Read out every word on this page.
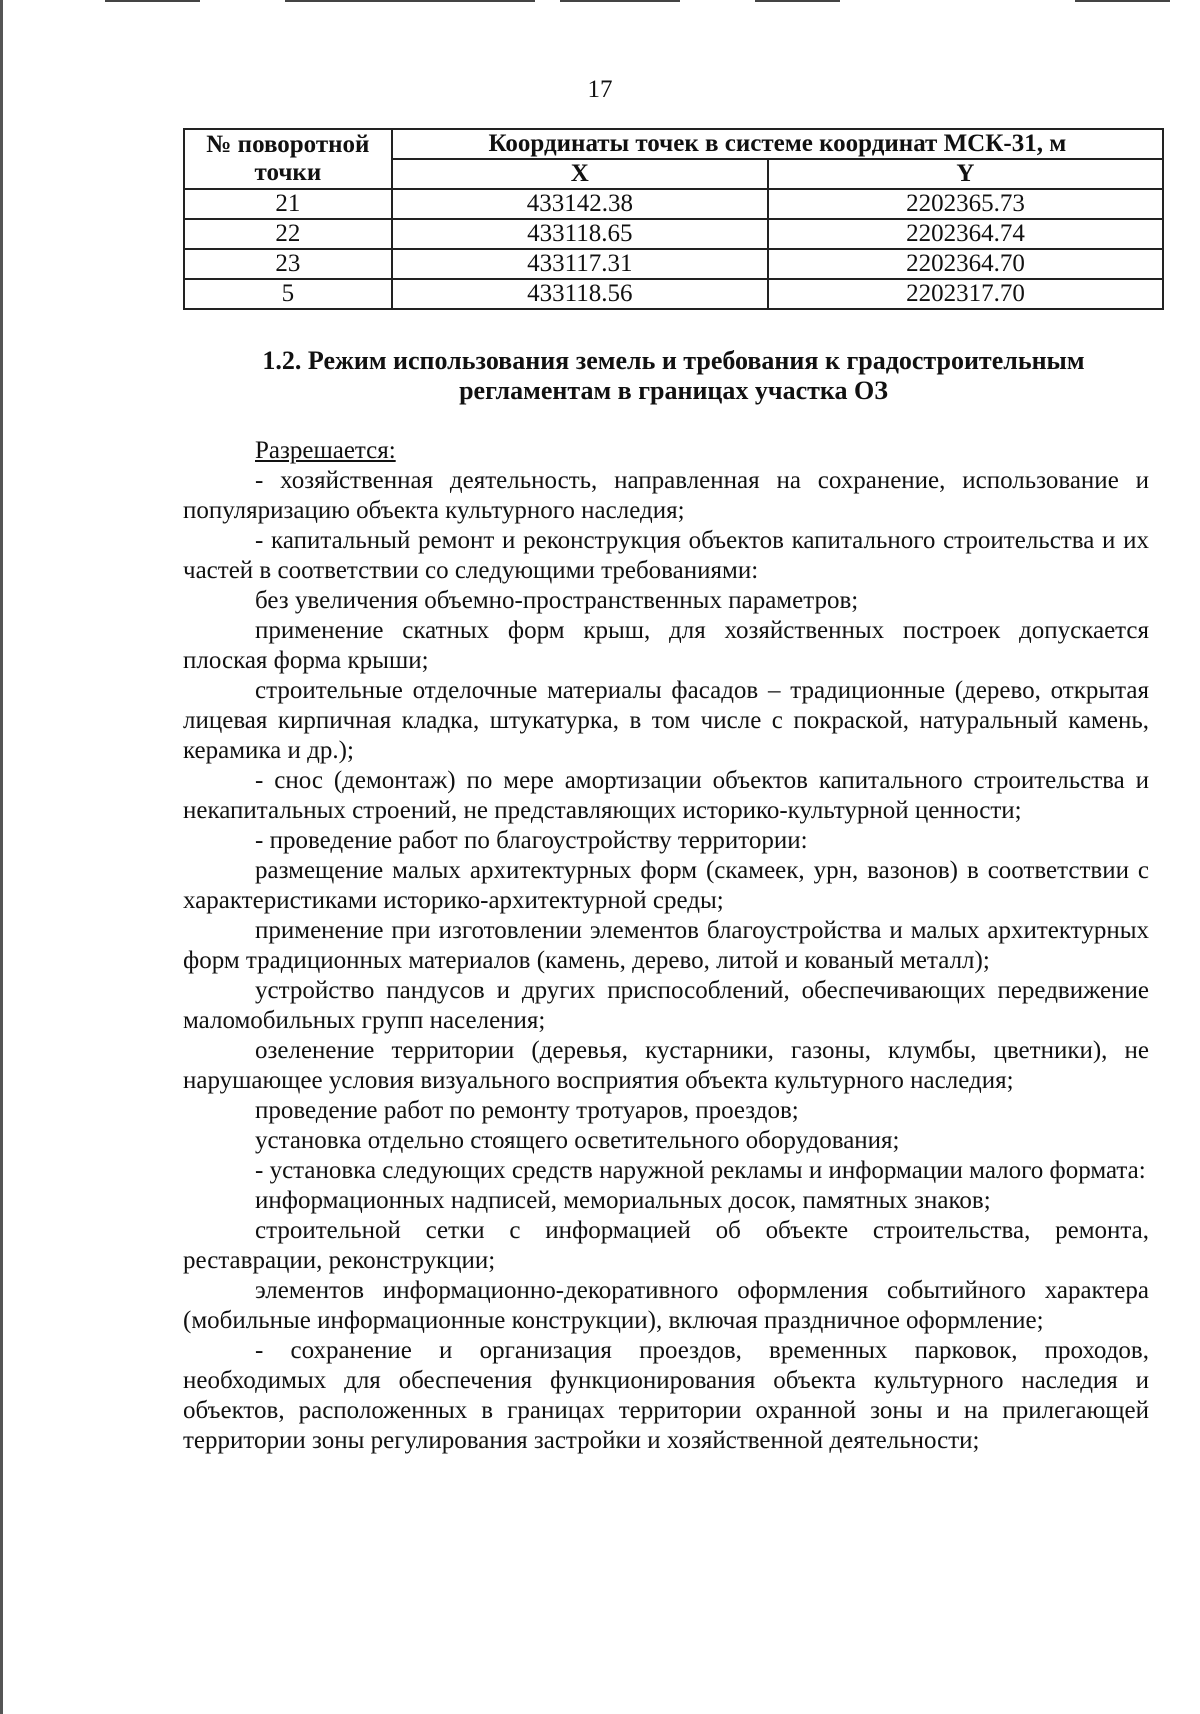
17
№ поворотной точки	Координаты точек в системе координат МСК-31, м	
	X	Y
21	433142.38	2202365.73
22	433118.65	2202364.74
23	433117.31	2202364.70
5	433118.56	2202317.70
1.2. Режим использования земель и требования к градостроительным
регламентам в границах участка ОЗ

Разрешается:

- хозяйственная деятельность, направленная на сохранение, использование и популяризацию объекта культурного наследия;

- капитальный ремонт и реконструкция объектов капитального строительства и их частей в соответствии со следующими требованиями:

без увеличения объемно-пространственных параметров;

применение скатных форм крыш, для хозяйственных построек допускается плоская форма крыши;

строительные отделочные материалы фасадов – традиционные (дерево, открытая лицевая кирпичная кладка, штукатурка, в том числе с покраской, натуральный камень, керамика и др.);

- снос (демонтаж) по мере амортизации объектов капитального строительства и некапитальных строений, не представляющих историко-культурной ценности;

- проведение работ по благоустройству территории:

размещение малых архитектурных форм (скамеек, урн, вазонов) в соответствии с характеристиками историко-архитектурной среды;

применение при изготовлении элементов благоустройства и малых архитектурных форм традиционных материалов (камень, дерево, литой и кованый металл);

устройство пандусов и других приспособлений, обеспечивающих передвижение маломобильных групп населения;

озеленение территории (деревья, кустарники, газоны, клумбы, цветники), не нарушающее условия визуального восприятия объекта культурного наследия;

проведение работ по ремонту тротуаров, проездов;

установка отдельно стоящего осветительного оборудования;

- установка следующих средств наружной рекламы и информации малого формата:

информационных надписей, мемориальных досок, памятных знаков;

строительной сетки с информацией об объекте строительства, ремонта, реставрации, реконструкции;

элементов информационно-декоративного оформления событийного характера (мобильные информационные конструкции), включая праздничное оформление;

- сохранение и организация проездов, временных парковок, проходов, необходимых для обеспечения функционирования объекта культурного наследия и объектов, расположенных в границах территории охранной зоны и на прилегающей территории зоны регулирования застройки и хозяйственной деятельности;
